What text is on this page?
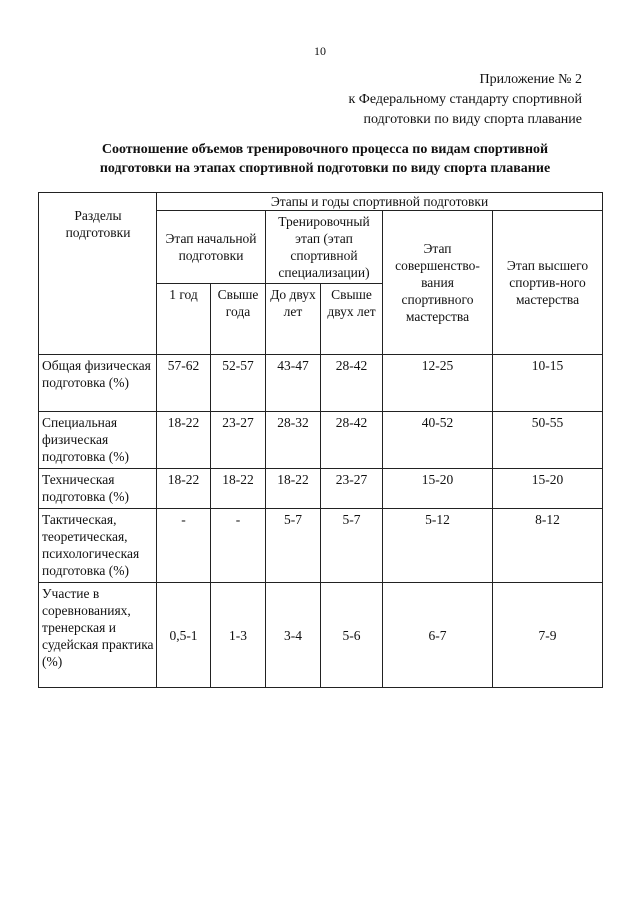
10
Приложение № 2
к Федеральному стандарту спортивной
подготовки по виду спорта плавание
Соотношение объемов тренировочного процесса по видам спортивной
подготовки на этапах спортивной подготовки по виду спорта плавание
Разделы подготовки	Этапы и годы спортивной подготовки					
	Этап начальной подготовки		Тренировочный этап (этап спортивной специализации)		Этап совершенство-вания спортивного мастерства	Этап высшего спортив-ного мастерства
	1 год	Свыше года	До двух лет	Свыше двух лет		
Общая физическая подготовка (%)	57-62	52-57	43-47	28-42	12-25	10-15
Специальная физическая подготовка (%)	18-22	23-27	28-32	28-42	40-52	50-55
Техническая подготовка (%)	18-22	18-22	18-22	23-27	15-20	15-20
Тактическая, теоретическая, психологическая подготовка (%)	-	-	5-7	5-7	5-12	8-12
Участие в соревнованиях, тренерская и судейская практика (%)	0,5-1	1-3	3-4	5-6	6-7	7-9
